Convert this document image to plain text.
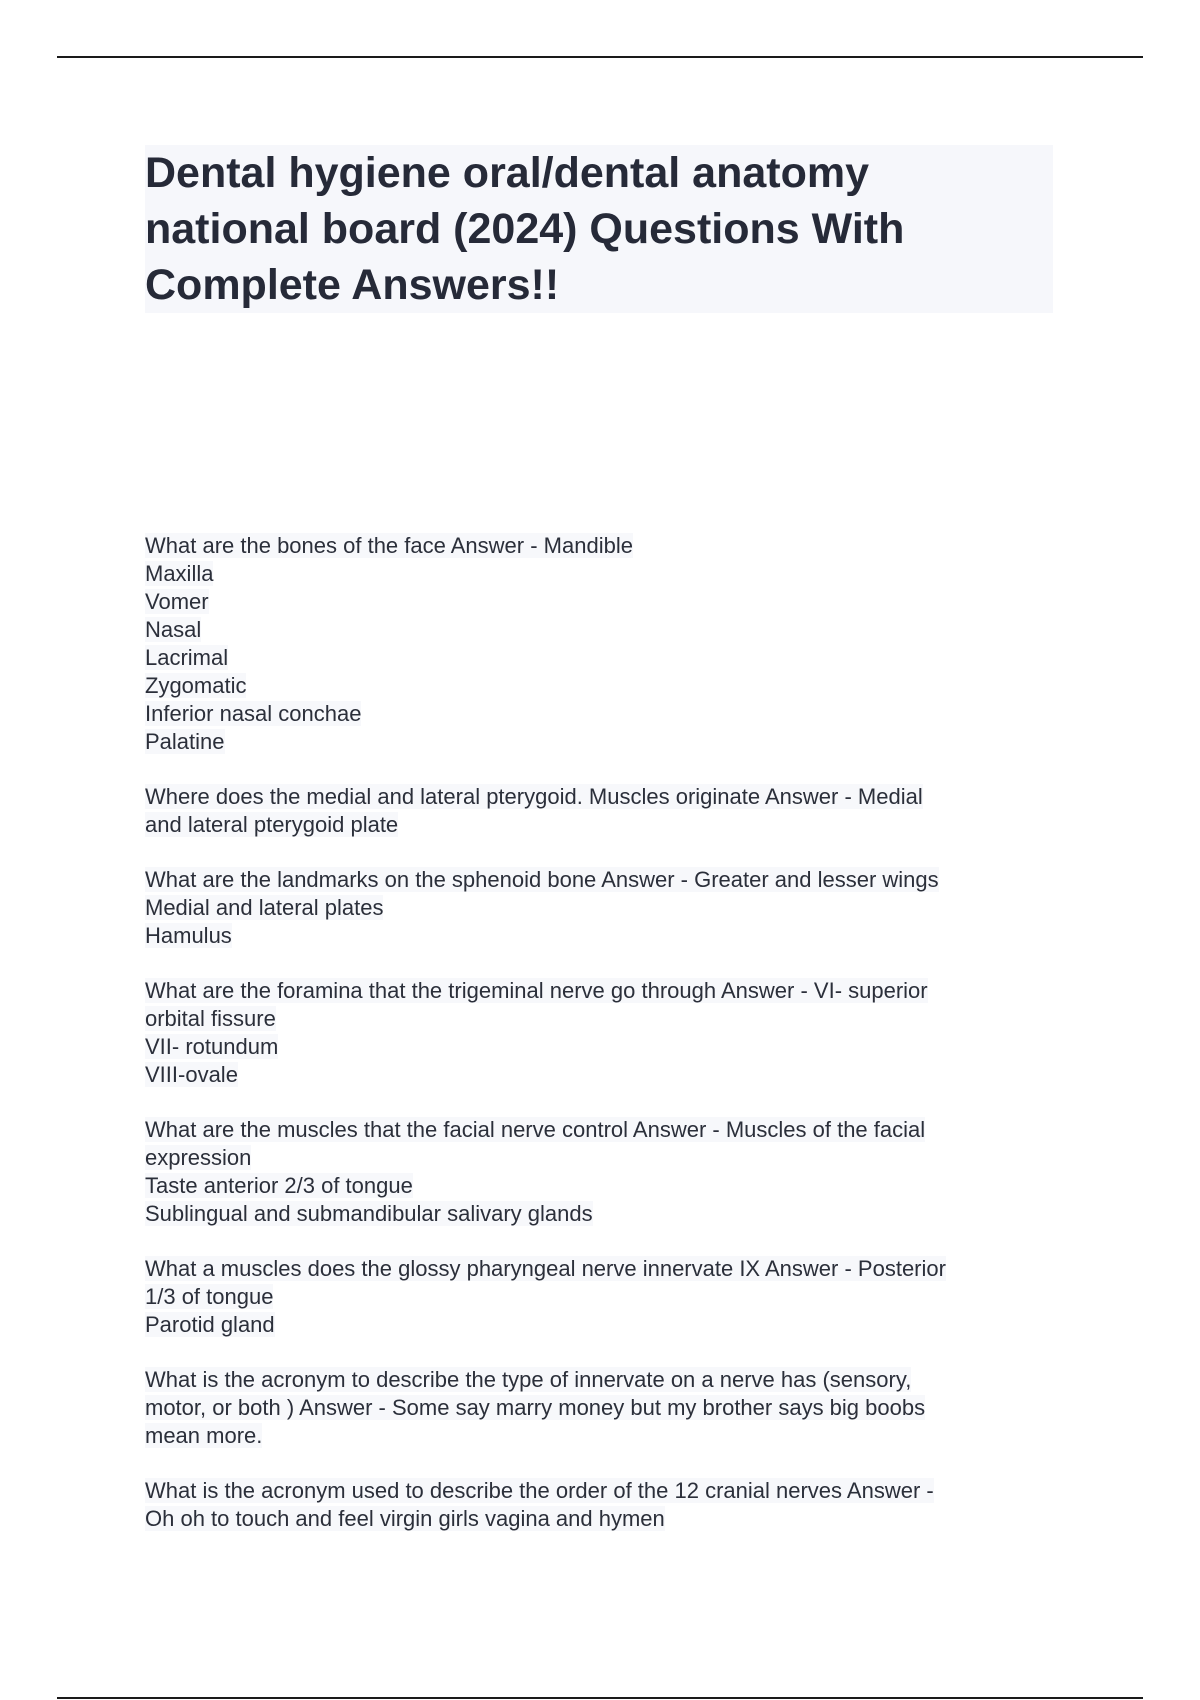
Dental hygiene oral/dental anatomy
national board (2024) Questions With
Complete Answers!!

What are the bones of the face Answer - Mandible
Maxilla
Vomer
Nasal
Lacrimal
Zygomatic
Inferior nasal conchae
Palatine

Where does the medial and lateral pterygoid. Muscles originate Answer - Medial
and lateral pterygoid plate

What are the landmarks on the sphenoid bone Answer - Greater and lesser wings
Medial and lateral plates
Hamulus

What are the foramina that the trigeminal nerve go through Answer - VI- superior
orbital fissure
VII- rotundum
VIII-ovale

What are the muscles that the facial nerve control Answer - Muscles of the facial
expression
Taste anterior 2/3 of tongue
Sublingual and submandibular salivary glands

What a muscles does the glossy pharyngeal nerve innervate IX Answer - Posterior
1/3 of tongue
Parotid gland

What is the acronym to describe the type of innervate on a nerve has (sensory,
motor, or both ) Answer - Some say marry money but my brother says big boobs
mean more.

What is the acronym used to describe the order of the 12 cranial nerves Answer -
Oh oh to touch and feel virgin girls vagina and hymen
